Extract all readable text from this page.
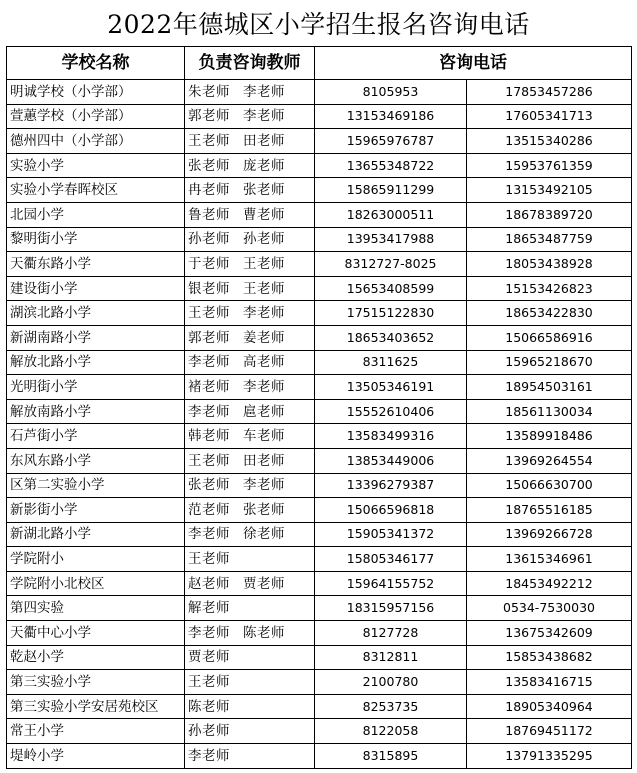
2022年德城区小学招生报名咨询电话
学校名称	负责咨询教师	咨询电话	
明诚学校（小学部）	朱老师 李老师	8105953	17853457286
萱蕙学校（小学部）	郭老师 李老师	13153469186	17605341713
德州四中（小学部）	王老师 田老师	15965976787	13515340286
实验小学	张老师 庞老师	13655348722	15953761359
实验小学春晖校区	冉老师 张老师	15865911299	13153492105
北园小学	鲁老师 曹老师	18263000511	18678389720
黎明街小学	孙老师 孙老师	13953417988	18653487759
天衢东路小学	于老师 王老师	8312727-8025	18053438928
建设街小学	银老师 王老师	15653408599	15153426823
湖滨北路小学	王老师 李老师	17515122830	18653422830
新湖南路小学	郭老师 姜老师	18653403652	15066586916
解放北路小学	李老师 高老师	8311625	15965218670
光明街小学	褚老师 李老师	13505346191	18954503161
解放南路小学	李老师 扈老师	15552610406	18561130034
石芦街小学	韩老师 车老师	13583499316	13589918486
东风东路小学	王老师 田老师	13853449006	13969264554
区第二实验小学	张老师 李老师	13396279387	15066630700
新影街小学	范老师 张老师	15066596818	18765516185
新湖北路小学	李老师 徐老师	15905341372	13969266728
学院附小	王老师	15805346177	13615346961
学院附小北校区	赵老师 贾老师	15964155752	18453492212
第四实验	解老师	18315957156	0534-7530030
天衢中心小学	李老师 陈老师	8127728	13675342609
乾赵小学	贾老师	8312811	15853438682
第三实验小学	王老师	2100780	13583416715
第三实验小学安居苑校区	陈老师	8253735	18905340964
常王小学	孙老师	8122058	18769451172
堤岭小学	李老师	8315895	13791335295
